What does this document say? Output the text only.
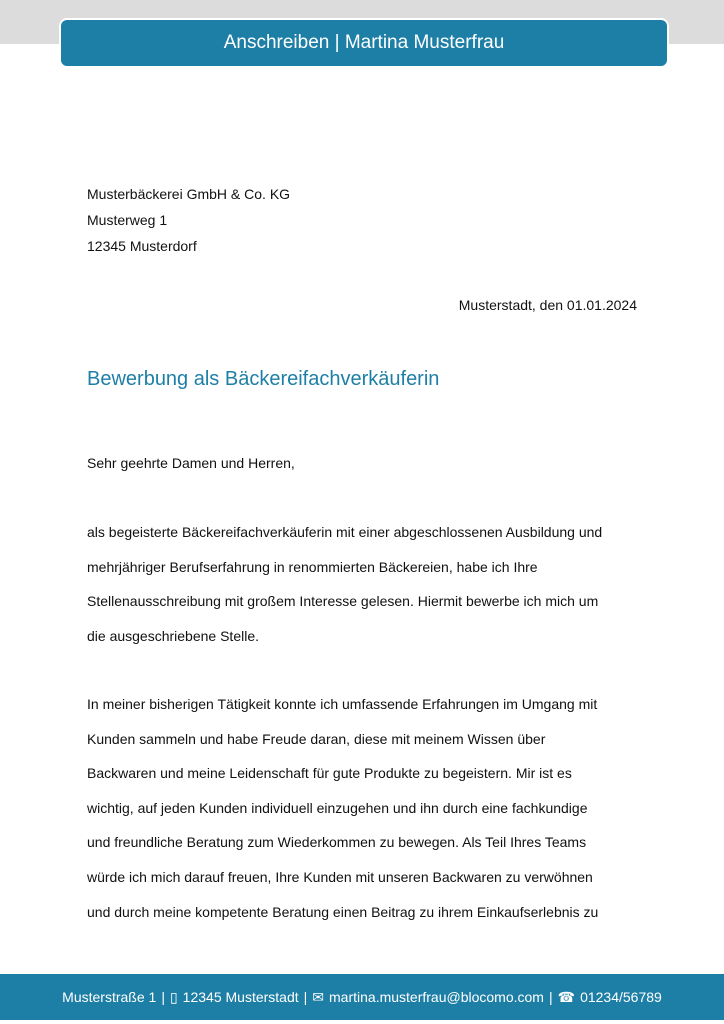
Anschreiben | Martina Musterfrau
Musterbäckerei GmbH & Co. KG
Musterweg 1
12345 Musterdorf
Musterstadt, den 01.01.2024
Bewerbung als Bäckereifachverkäuferin
Sehr geehrte Damen und Herren,
als begeisterte Bäckereifachverkäuferin mit einer abgeschlossenen Ausbildung und
mehrjähriger Berufserfahrung in renommierten Bäckereien, habe ich Ihre
Stellenausschreibung mit großem Interesse gelesen. Hiermit bewerbe ich mich um
die ausgeschriebene Stelle.
In meiner bisherigen Tätigkeit konnte ich umfassende Erfahrungen im Umgang mit
Kunden sammeln und habe Freude daran, diese mit meinem Wissen über
Backwaren und meine Leidenschaft für gute Produkte zu begeistern. Mir ist es
wichtig, auf jeden Kunden individuell einzugehen und ihn durch eine fachkundige
und freundliche Beratung zum Wiederkommen zu bewegen. Als Teil Ihres Teams
würde ich mich darauf freuen, Ihre Kunden mit unseren Backwaren zu verwöhnen
und durch meine kompetente Beratung einen Beitrag zu ihrem Einkaufserlebnis zu
Musterstraße 1 | ▯ 12345 Musterstadt | ✉ martina.musterfrau@blocomo.com | ☎ 01234/56789
